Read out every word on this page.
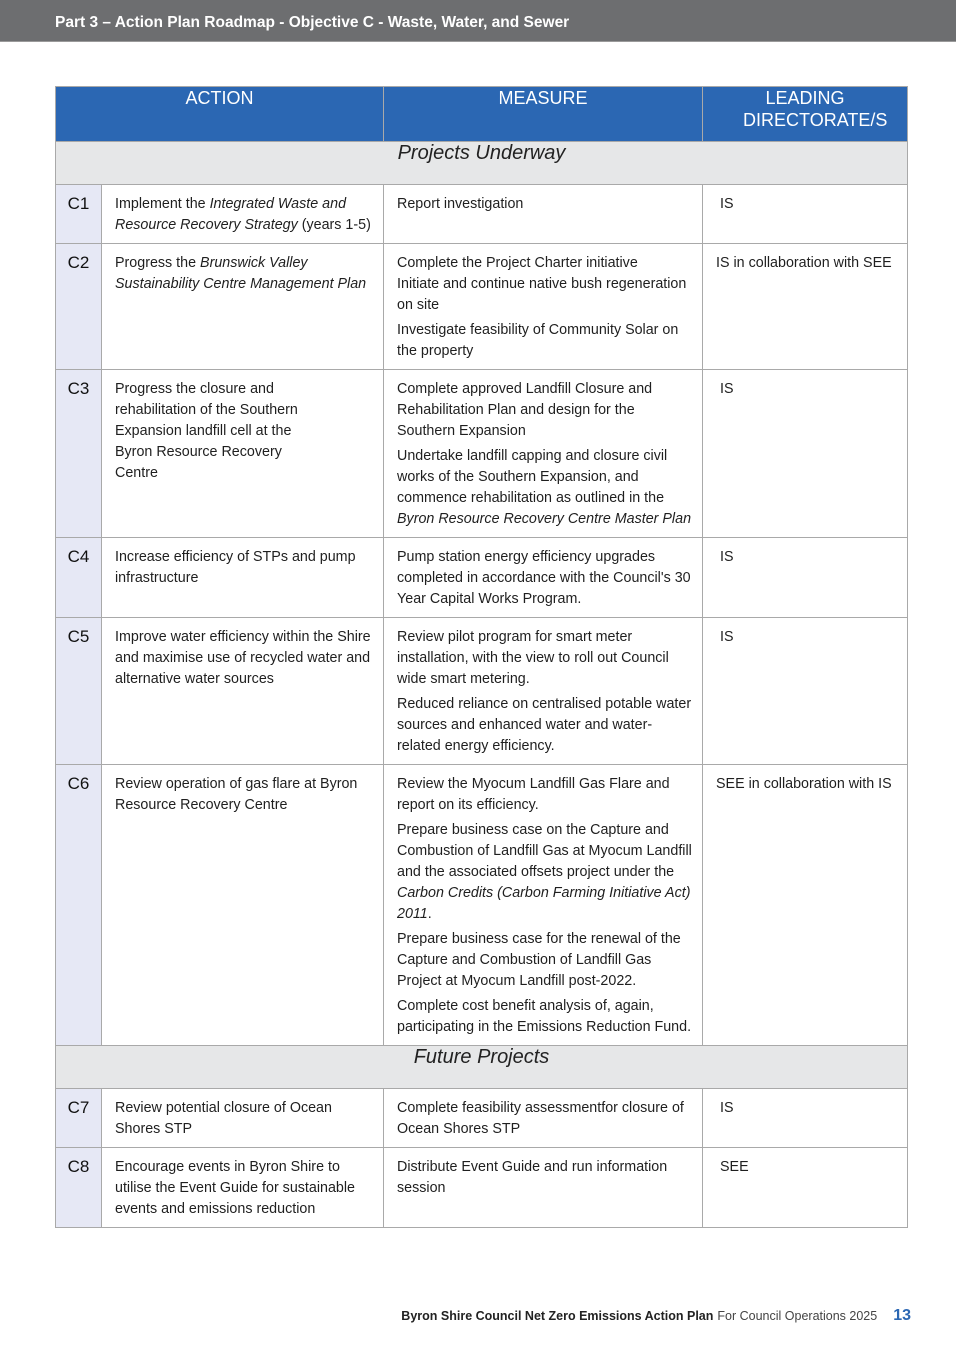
Part 3 – Action Plan Roadmap - Objective C - Waste, Water, and Sewer
ACTION		MEASURE	LEADING DIRECTORATE/S
Projects Underway			
C1	Implement the Integrated Waste and Resource Recovery Strategy (years 1-5)	Report investigation	IS
C2	Progress the Brunswick Valley Sustainability Centre Management Plan	Complete the Project Charter initiative
Initiate and continue native bush regeneration on site

Investigate feasibility of Community Solar on the property	IS in collaboration with SEE
C3	Progress the closure and rehabilitation of the Southern Expansion landfill cell at the Byron Resource Recovery Centre	Complete approved Landfill Closure and Rehabilitation Plan and design for the Southern Expansion

Undertake landfill capping and closure civil works of the Southern Expansion, and commence rehabilitation as outlined in the Byron Resource Recovery Centre Master Plan	IS
C4	Increase efficiency of STPs and pump infrastructure	Pump station energy efficiency upgrades completed in accordance with the Council's 30 Year Capital Works Program.	IS
C5	Improve water efficiency within the Shire and maximise use of recycled water and alternative water sources	Review pilot program for smart meter installation, with the view to roll out Council wide smart metering.

Reduced reliance on centralised potable water sources and enhanced water and water-related energy efficiency.	IS
C6	Review operation of gas flare at Byron Resource Recovery Centre	Review the Myocum Landfill Gas Flare and report on its efficiency.

Prepare business case on the Capture and Combustion of Landfill Gas at Myocum Landfill and the associated offsets project under the Carbon Credits (Carbon Farming Initiative Act) 2011.

Prepare business case for the renewal of the Capture and Combustion of Landfill Gas Project at Myocum Landfill post-2022.

Complete cost benefit analysis of, again, participating in the Emissions Reduction Fund.	SEE in collaboration with IS
Future Projects			
C7	Review potential closure of Ocean Shores STP	Complete feasibility assessmentfor closure of Ocean Shores STP	IS
C8	Encourage events in Byron Shire to utilise the Event Guide for sustainable events and emissions reduction	Distribute Event Guide and run information session	SEE
Byron Shire Council Net Zero Emissions Action Plan For Council Operations 2025 13
